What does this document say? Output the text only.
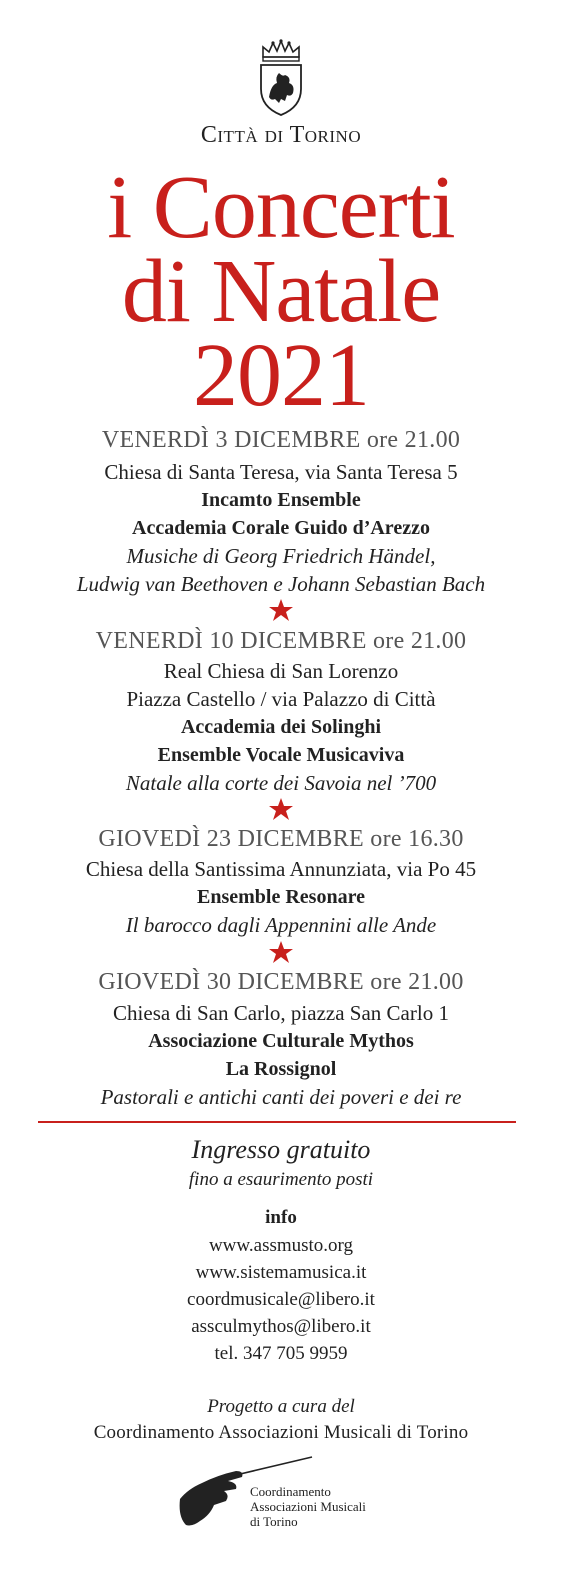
Città di Torino
i Concerti
di Natale
2021
VENERDÌ 3 DICEMBRE ore 21.00
Chiesa di Santa Teresa, via Santa Teresa 5
Incamto Ensemble
Accademia Corale Guido d’Arezzo
Musiche di Georg Friedrich Händel,
Ludwig van Beethoven e Johann Sebastian Bach
VENERDÌ 10 DICEMBRE ore 21.00
Real Chiesa di San Lorenzo
Piazza Castello / via Palazzo di Città
Accademia dei Solinghi
Ensemble Vocale Musicaviva
Natale alla corte dei Savoia nel ’700
GIOVEDÌ 23 DICEMBRE ore 16.30
Chiesa della Santissima Annunziata, via Po 45
Ensemble Resonare
Il barocco dagli Appennini alle Ande
GIOVEDÌ 30 DICEMBRE ore 21.00
Chiesa di San Carlo, piazza San Carlo 1
Associazione Culturale Mythos
La Rossignol
Pastorali e antichi canti dei poveri e dei re
Ingresso gratuito
fino a esaurimento posti
info
www.assmusto.org
www.sistemamusica.it
coordmusicale@libero.it
assculmythos@libero.it
tel. 347 705 9959
Progetto a cura del
Coordinamento Associazioni Musicali di Torino
Coordinamento
Associazioni Musicali
di Torino
